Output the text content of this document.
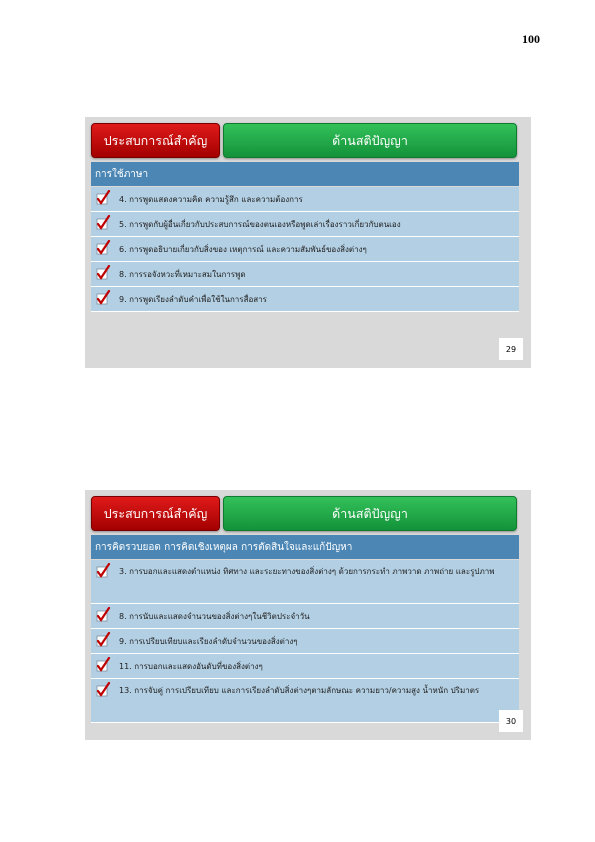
100
ประสบการณ์สำคัญ	ด้านสติปัญญา
การใช้ภาษา
4. การพูดแสดงความคิด ความรู้สึก และความต้องการ
5. การพูดกับผู้อื่นเกี่ยวกับประสบการณ์ของตนเองหรือพูดเล่าเรื่องราวเกี่ยวกับตนเอง
6. การพูดอธิบายเกี่ยวกับสิ่งของ เหตุการณ์ และความสัมพันธ์ของสิ่งต่างๆ
8. การรอจังหวะที่เหมาะสมในการพูด
9. การพูดเรียงลำดับคำเพื่อใช้ในการสื่อสาร
29
ประสบการณ์สำคัญ	ด้านสติปัญญา
การคิดรวบยอด การคิดเชิงเหตุผล การตัดสินใจและแก้ปัญหา
3. การบอกและแสดงตำแหน่ง ทิศทาง และระยะทางของสิ่งต่างๆ ด้วยการกระทำ ภาพวาด ภาพถ่าย และรูปภาพ
8. การนับและแสดงจำนวนของสิ่งต่างๆในชีวิตประจำวัน
9. การเปรียบเทียบและเรียงลำดับจำนวนของสิ่งต่างๆ
11. การบอกและแสดงอันดับที่ของสิ่งต่างๆ
13. การจับคู่ การเปรียบเทียบ และการเรียงลำดับสิ่งต่างๆตามลักษณะ ความยาว/ความสูง น้ำหนัก ปริมาตร
30
